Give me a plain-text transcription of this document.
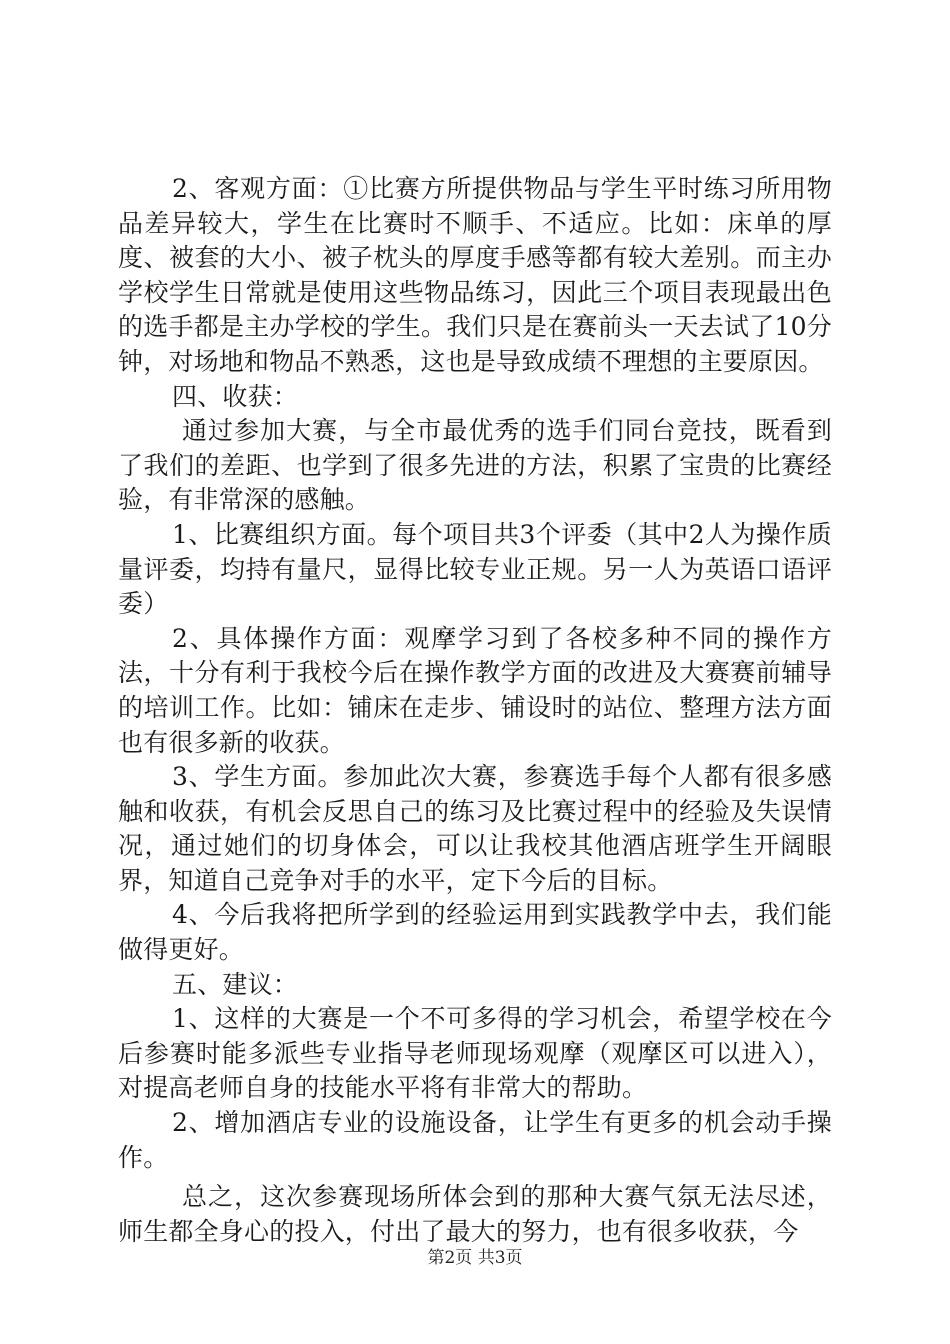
2、客观方面：①比赛方所提供物品与学生平时练习所用物品差异较大，学生在比赛时不顺手、不适应。比如：床单的厚度、被套的大小、被子枕头的厚度手感等都有较大差别。而主办学校学生日常就是使用这些物品练习，因此三个项目表现最出色的选手都是主办学校的学生。我们只是在赛前头一天去试了10分钟，对场地和物品不熟悉，这也是导致成绩不理想的主要原因。

四、收获：

通过参加大赛，与全市最优秀的选手们同台竞技，既看到了我们的差距、也学到了很多先进的方法，积累了宝贵的比赛经验，有非常深的感触。

1、比赛组织方面。每个项目共3个评委（其中2人为操作质量评委，均持有量尺，显得比较专业正规。另一人为英语口语评委）

2、具体操作方面：观摩学习到了各校多种不同的操作方法，十分有利于我校今后在操作教学方面的改进及大赛赛前辅导的培训工作。比如：铺床在走步、铺设时的站位、整理方法方面也有很多新的收获。

3、学生方面。参加此次大赛，参赛选手每个人都有很多感触和收获，有机会反思自己的练习及比赛过程中的经验及失误情况，通过她们的切身体会，可以让我校其他酒店班学生开阔眼界，知道自己竞争对手的水平，定下今后的目标。

4、今后我将把所学到的经验运用到实践教学中去，我们能做得更好。

五、建议：

1、这样的大赛是一个不可多得的学习机会，希望学校在今后参赛时能多派些专业指导老师现场观摩（观摩区可以进入），对提高老师自身的技能水平将有非常大的帮助。

2、增加酒店专业的设施设备，让学生有更多的机会动手操作。

总之，这次参赛现场所体会到的那种大赛气氛无法尽述，师生都全身心的投入，付出了最大的努力，也有很多收获，今

第2页 共3页
